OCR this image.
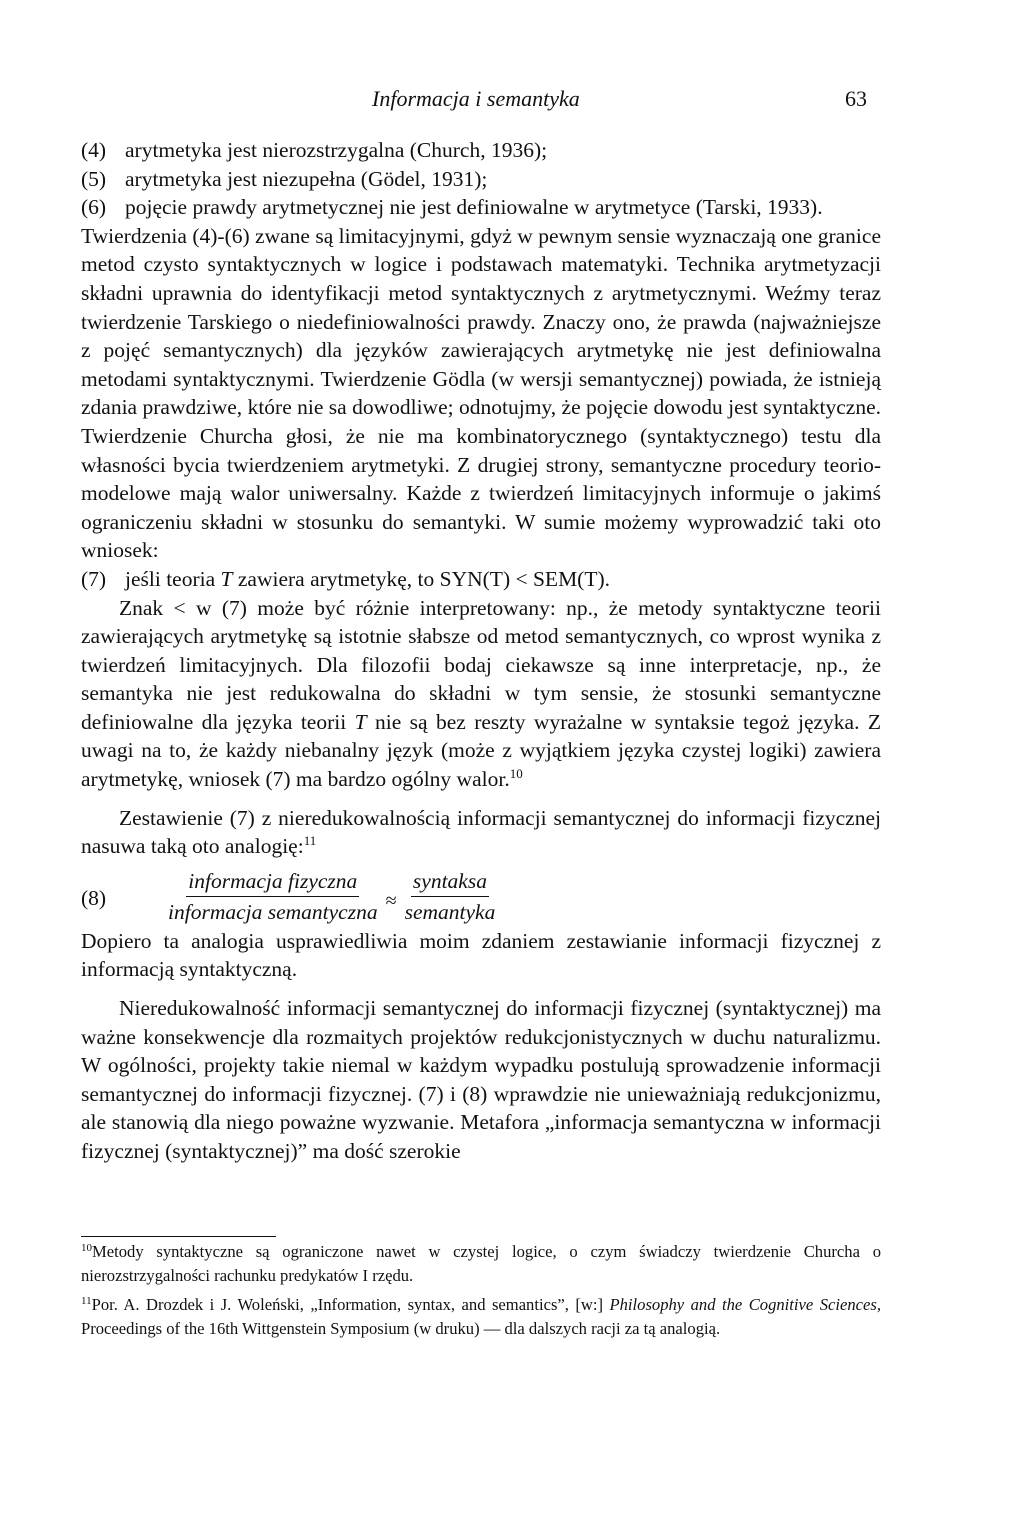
Informacja i semantyka	63
(4) arytmetyka jest nierozstrzygalna (Church, 1936);
(5) arytmetyka jest niezupełna (Gödel, 1931);
(6) pojęcie prawdy arytmetycznej nie jest definiowalne w arytmetyce (Tarski, 1933).

Twierdzenia (4)-(6) zwane są limitacyjnymi, gdyż w pewnym sensie wyznaczają one granice metod czysto syntaktycznych w logice i podstawach matematyki. Technika arytmetyzacji składni uprawnia do identyfikacji metod syntaktycznych z arytmetycznymi. Weźmy teraz twierdzenie Tarskiego o niedefiniowalności prawdy. Znaczy ono, że prawda (najważniejsze z pojęć semantycznych) dla języków zawierających arytmetykę nie jest definiowalna metodami syntaktycznymi. Twierdzenie Gödla (w wersji semantycznej) powiada, że istnieją zdania prawdziwe, które nie sa dowodliwe; odnotujmy, że pojęcie dowodu jest syntaktyczne. Twierdzenie Churcha głosi, że nie ma kombinatorycznego (syntaktycznego) testu dla własności bycia twierdzeniem arytmetyki. Z drugiej strony, semantyczne procedury teorio-modelowe mają walor uniwersalny. Każde z twierdzeń limitacyjnych informuje o jakimś ograniczeniu składni w stosunku do semantyki. W sumie możemy wyprowadzić taki oto wniosek:

(7) jeśli teoria T zawiera arytmetykę, to SYN(T) < SEM(T).

Znak < w (7) może być różnie interpretowany: np., że metody syntaktyczne teorii zawierających arytmetykę są istotnie słabsze od metod semantycznych, co wprost wynika z twierdzeń limitacyjnych. Dla filozofii bodaj ciekawsze są inne interpretacje, np., że semantyka nie jest redukowalna do składni w tym sensie, że stosunki semantyczne definiowalne dla języka teorii T nie są bez reszty wyrażalne w syntaksie tegoż języka. Z uwagi na to, że każdy niebanalny język (może z wyjątkiem języka czystej logiki) zawiera arytmetykę, wniosek (7) ma bardzo ogólny walor.$^{10}$

Zestawienie (7) z nieredukowalnością informacji semantycznej do informacji fizycznej nasuwa taką oto analogię:$^{11}$

(8)	$\frac{\text{informacja fizyczna}}{\text{informacja semantyczna}} \approx \frac{\text{syntaksa}}{\text{semantyka}}$

Dopiero ta analogia usprawiedliwia moim zdaniem zestawianie informacji fizycznej z informacją syntaktyczną.

Nieredukowalność informacji semantycznej do informacji fizycznej (syntaktycznej) ma ważne konsekwencje dla rozmaitych projektów redukcjonistycznych w duchu naturalizmu. W ogólności, projekty takie niemal w każdym wypadku postulują sprowadzenie informacji semantycznej do informacji fizycznej. (7) i (8) wprawdzie nie unieważniają redukcjonizmu, ale stanowią dla niego poważne wyzwanie. Metafora „informacja semantyczna w informacji fizycznej (syntaktycznej)” ma dość szerokie

$^{10}$Metody syntaktyczne są ograniczone nawet w czystej logice, o czym świadczy twierdzenie Churcha o nierozstrzygalności rachunku predykatów I rzędu.
$^{11}$Por. A. Drozdek i J. Woleński, „Information, syntax, and semantics”, [w:] Philosophy and the Cognitive Sciences, Proceedings of the 16th Wittgenstein Symposium (w druku) — dla dalszych racji za tą analogią.
